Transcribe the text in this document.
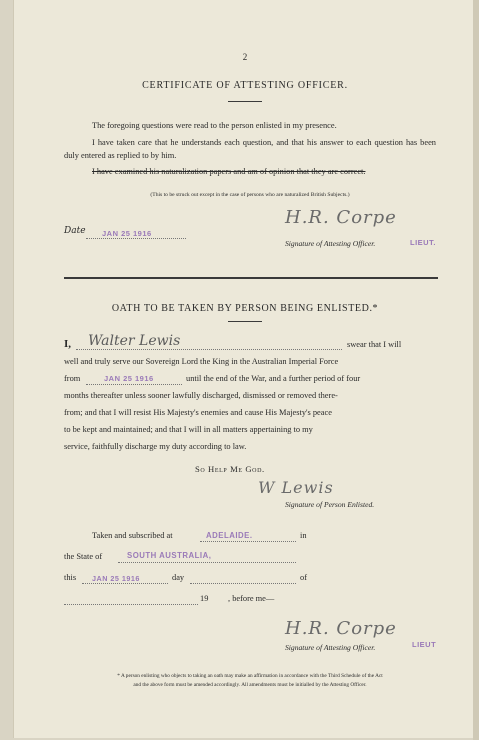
2
CERTIFICATE OF ATTESTING OFFICER.
The foregoing questions were read to the person enlisted in my presence.
I have taken care that he understands each question, and that his answer to each question has been duly entered as replied to by him.
I have examined his naturalization papers and am of opinion that they are correct.
(This to be struck out except in the case of persons who are naturalized British Subjects.)
Date JAN 25 1916
H.R. Corpe
Signature of Attesting Officer.	LIEUT.
OATH TO BE TAKEN BY PERSON BEING ENLISTED.*
I, Walter Lewis	swear that I will
well and truly serve our Sovereign Lord the King in the Australian Imperial Force
from	JAN 25 1916	until the end of the War, and a further period of four
months thereafter unless sooner lawfully discharged, dismissed or removed there-
from; and that I will resist His Majesty's enemies and cause His Majesty's peace
to be kept and maintained; and that I will in all matters appertaining to my
service, faithfully discharge my duty according to law.
So Help Me God.
W Lewis
Signature of Person Enlisted.
Taken and subscribed at	ADELAIDE.	in
the State of	SOUTH AUSTRALIA,
this JAN 25 1916	day	of
19 , before me—
H.R. Corpe
Signature of Attesting Officer.	LIEUT
* A person enlisting who objects to taking an oath may make an affirmation in accordance with the Third Schedule of the Act
and the above form must be amended accordingly. All amendments must be initialled by the Attesting Officer.
